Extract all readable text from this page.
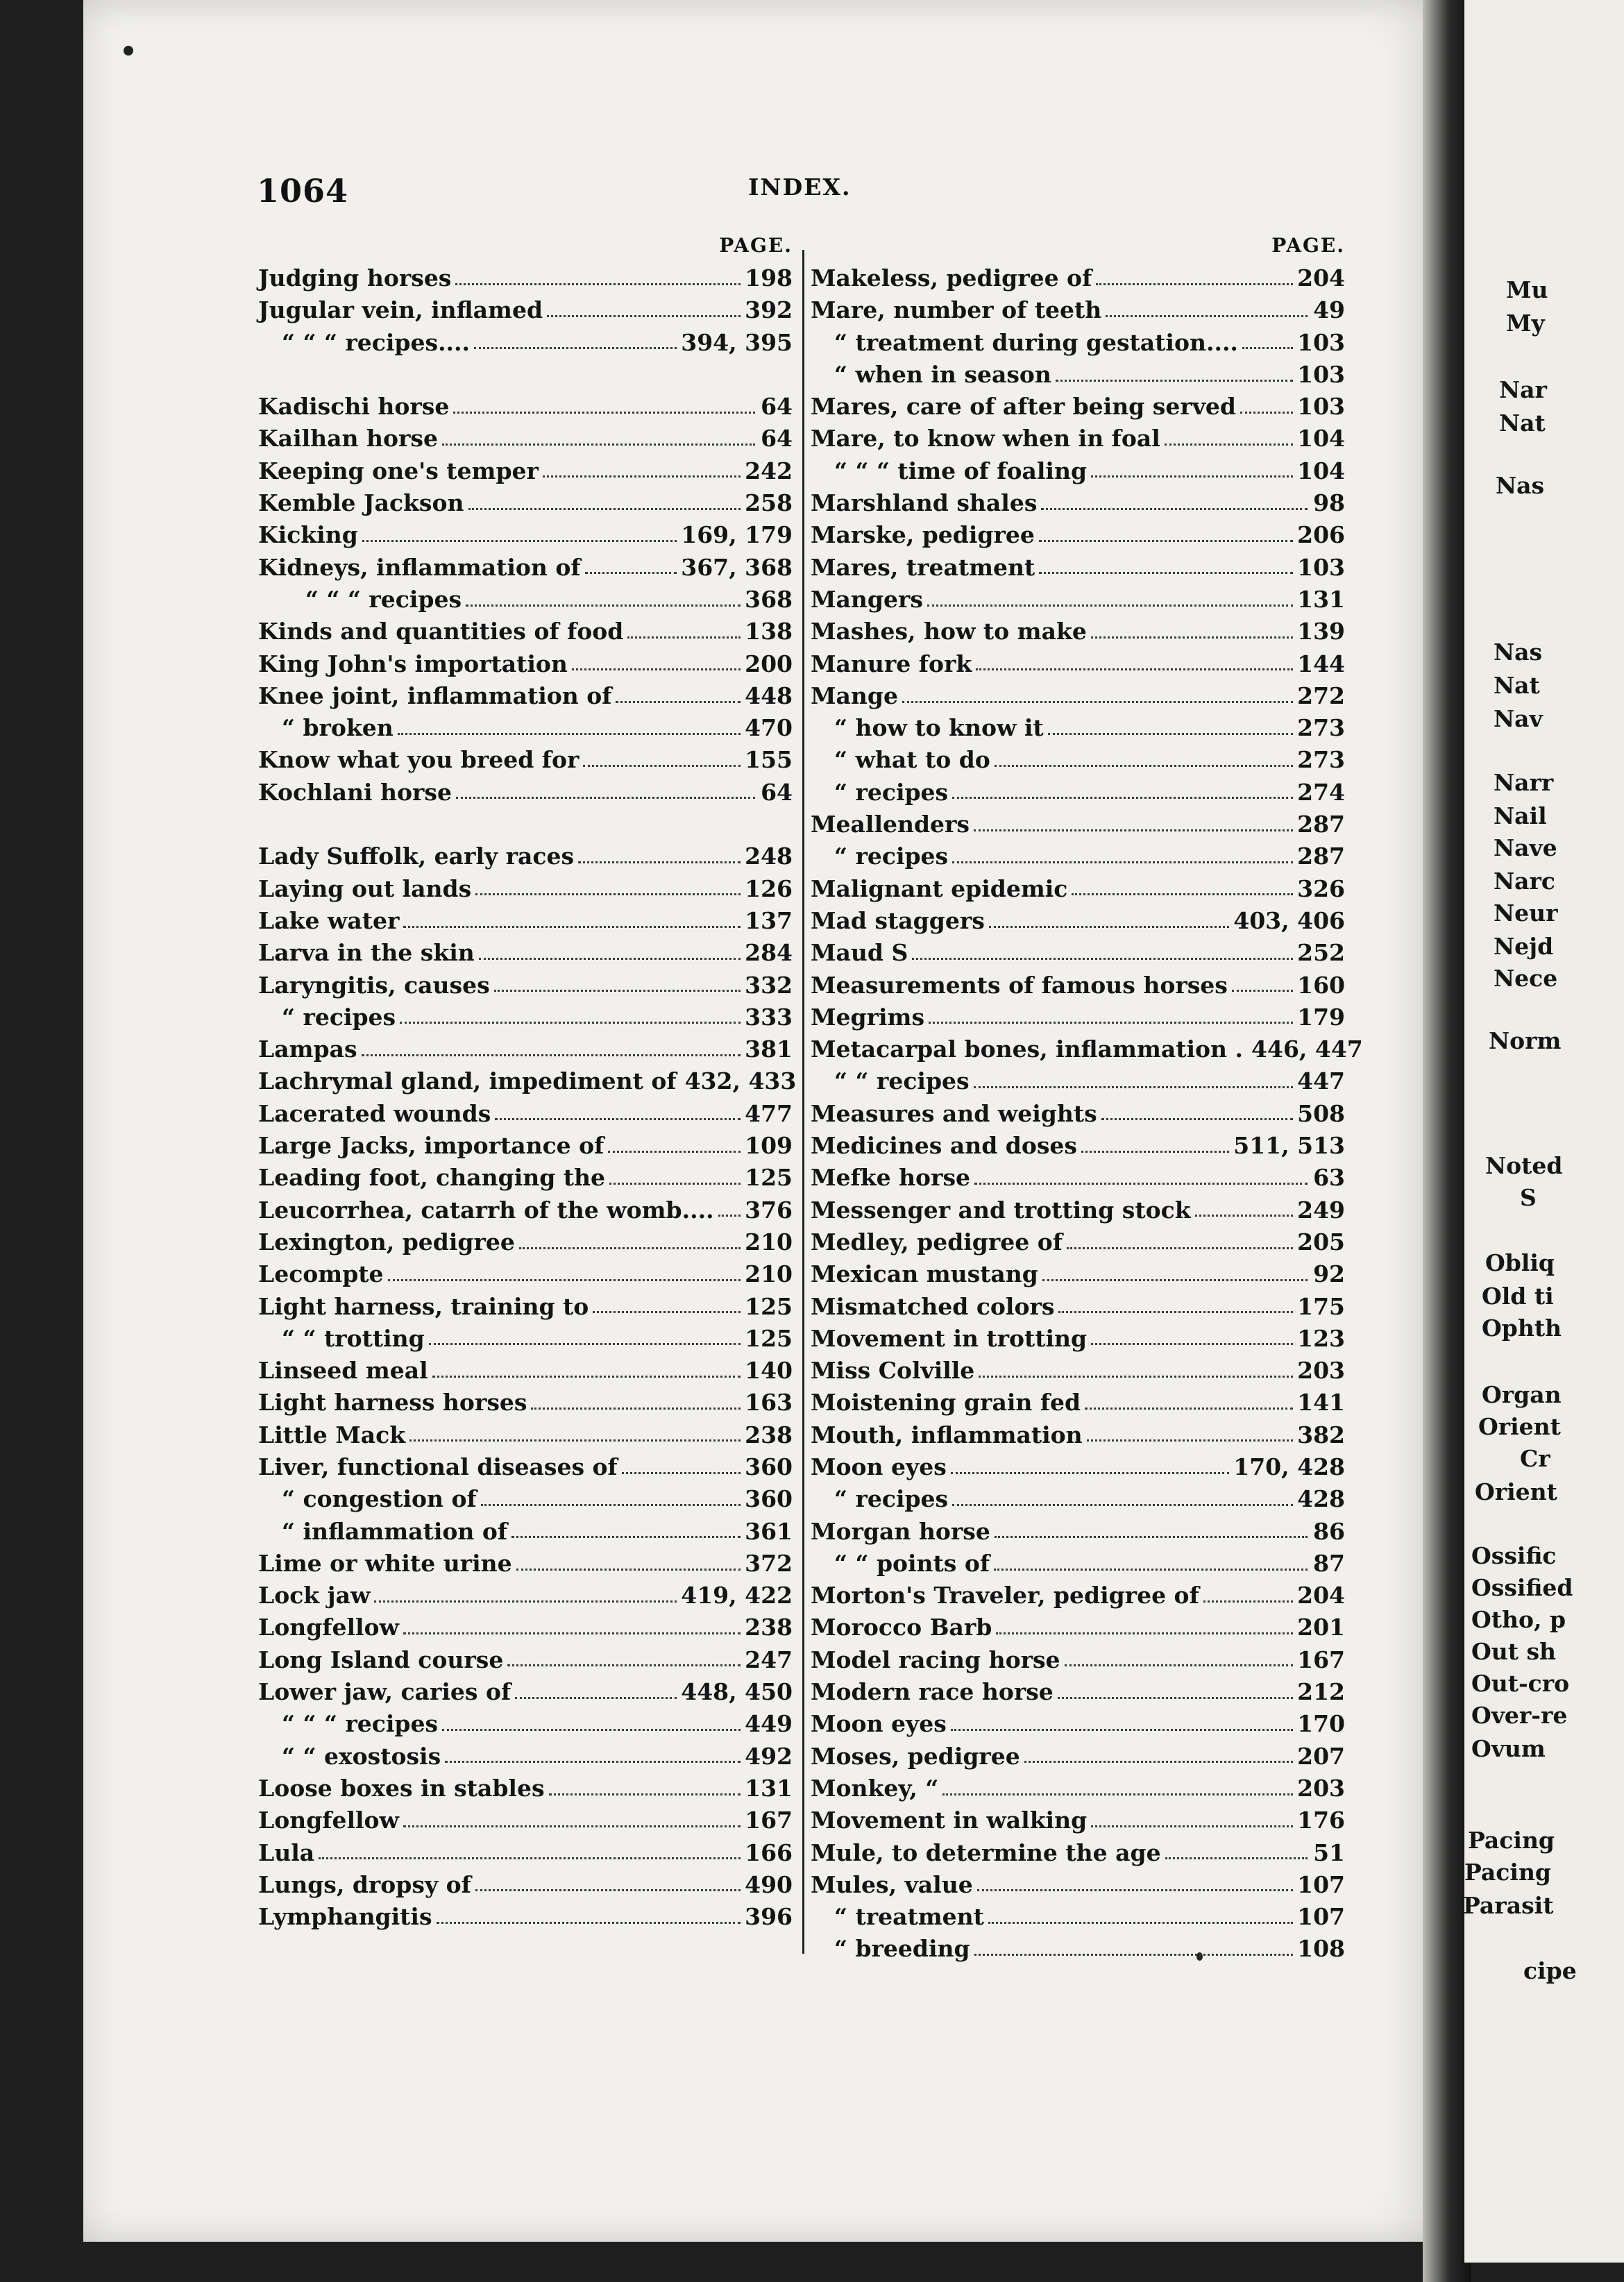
1064	INDEX.
PAGE.
Judging horses	198
Jugular vein, inflamed	392
“ “ “ recipes....	394, 395
Kadischi horse	64
Kailhan horse	64
Keeping one's temper	242
Kemble Jackson	258
Kicking	169, 179
Kidneys, inflammation of	367, 368
“ “ “ recipes	368
Kinds and quantities of food	138
King John's importation	200
Knee joint, inflammation of	448
“ broken	470
Know what you breed for	155
Kochlani horse	64
Lady Suffolk, early races	248
Laying out lands	126
Lake water	137
Larva in the skin	284
Laryngitis, causes	332
“ recipes	333
Lampas	381
Lachrymal gland, impediment of 432, 433
Lacerated wounds	477
Large Jacks, importance of	109
Leading foot, changing the	125
Leucorrhea, catarrh of the womb.... 376
Lexington, pedigree	210
Lecompte	210
Light harness, training to	125
“ “ trotting	125
Linseed meal	140
Light harness horses	163
Little Mack	238
Liver, functional diseases of	360
“ congestion of	360
“ inflammation of	361
Lime or white urine	372
Lock jaw	419, 422
Longfellow	238
Long Island course	247
Lower jaw, caries of	448, 450
“ “ “ recipes	449
“ “ exostosis	492
Loose boxes in stables	131
Longfellow	167
Lula	166
Lungs, dropsy of	490
Lymphangitis	396
PAGE.
Makeless, pedigree of	204
Mare, number of teeth	49
“ treatment during gestation....	103
“ when in season	103
Mares, care of after being served	103
Mare, to know when in foal	104
“ “ “ time of foaling	104
Marshland shales	98
Marske, pedigree	206
Mares, treatment	103
Mangers	131
Mashes, how to make	139
Manure fork	144
Mange	272
“ how to know it	273
“ what to do	273
“ recipes	274
Meallenders	287
“ recipes	287
Malignant epidemic	326
Mad staggers	403, 406
Maud S	252
Measurements of famous horses	160
Megrims	179
Metacarpal bones, inflammation . 446, 447
“ “ recipes	447
Measures and weights	508
Medicines and doses	511, 513
Mefke horse	63
Messenger and trotting stock	249
Medley, pedigree of	205
Mexican mustang	92
Mismatched colors	175
Movement in trotting	123
Miss Colville	203
Moistening grain fed	141
Mouth, inflammation	382
Moon eyes	170, 428
“ recipes	428
Morgan horse	86
“ “ points of	87
Morton's Traveler, pedigree of	204
Morocco Barb	201
Model racing horse	167
Modern race horse	212
Moon eyes	170
Moses, pedigree	207
Monkey, “	203
Movement in walking	176
Mule, to determine the age	51
Mules, value	107
“ treatment	107
“ breeding	108
Mu
My
Nar
Nat
Nas
Nas
Nat
Nav
Narr
Nail
Nave
Narc
Neur
Nejd
Nece
Norm
Noted
S
Obliq
Old ti
Ophth
Organ
Orient
Cr
Orient
Ossific
Ossified
Otho, p
Out sh
Out-cro
Over-re
Ovum
Pacing
Pacing
Parasit
cipe
